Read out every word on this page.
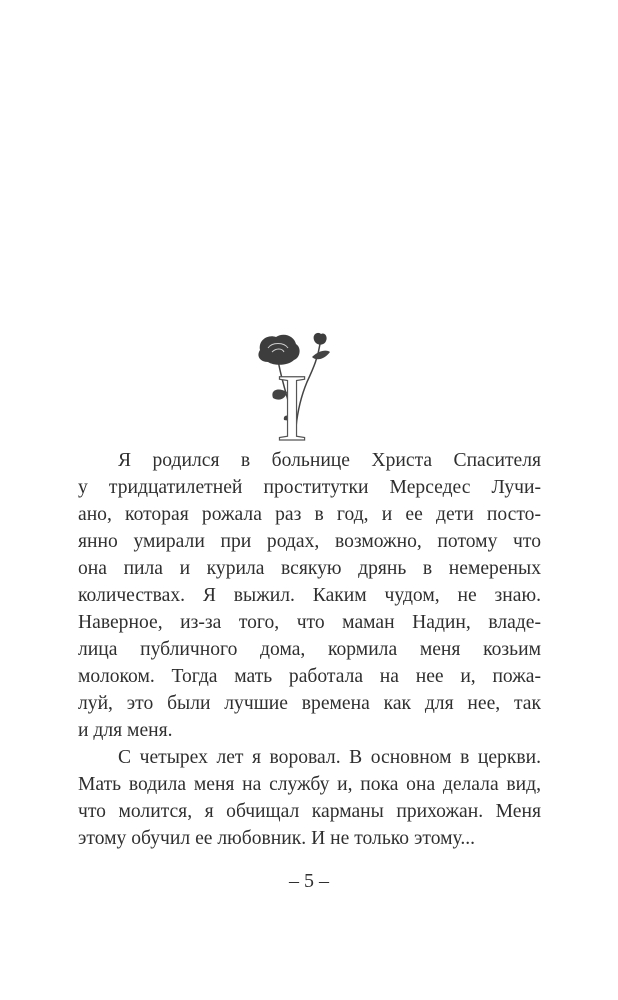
I
Я родился в больнице Христа Спасителя
у тридцатилетней проститутки Мерседес Лучи-
ано, которая рожала раз в год, и ее дети посто-
янно умирали при родах, возможно, потому что
она пила и курила всякую дрянь в немереных
количествах. Я выжил. Каким чудом, не знаю.
Наверное, из-за того, что маман Надин, владе-
лица публичного дома, кормила меня козьим
молоком. Тогда мать работала на нее и, пожа-
луй, это были лучшие времена как для нее, так
и для меня.
С четырех лет я воровал. В основном в церкви.
Мать водила меня на службу и, пока она делала вид,
что молится, я обчищал карманы прихожан. Меня
этому обучил ее любовник. И не только этому...
– 5 –
